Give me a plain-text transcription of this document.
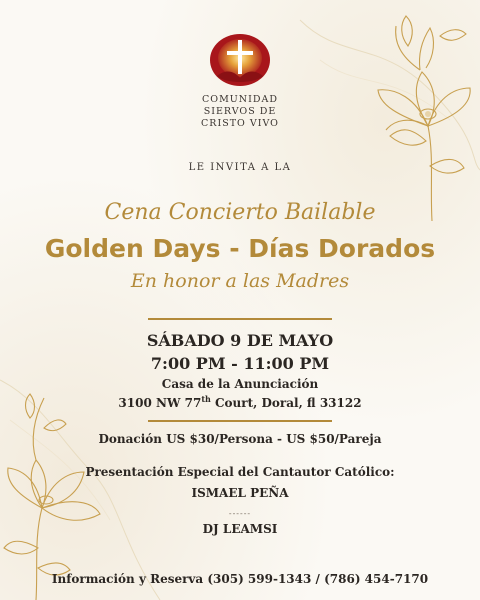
COMUNIDAD
SIERVOS DE
CRISTO VIVO
LE INVITA A LA
Cena Concierto Bailable
Golden Days - Días Dorados
En honor a las Madres
SÁBADO 9 DE MAYO
7:00 PM - 11:00 PM
Casa de la Anunciación
3100 NW 77th Court, Doral, fl 33122
Donación US $30/Persona - US $50/Pareja
Presentación Especial del Cantautor Católico:
ISMAEL PEÑA
------
DJ LEAMSI
Información y Reserva (305) 599-1343 / (786) 454-7170
